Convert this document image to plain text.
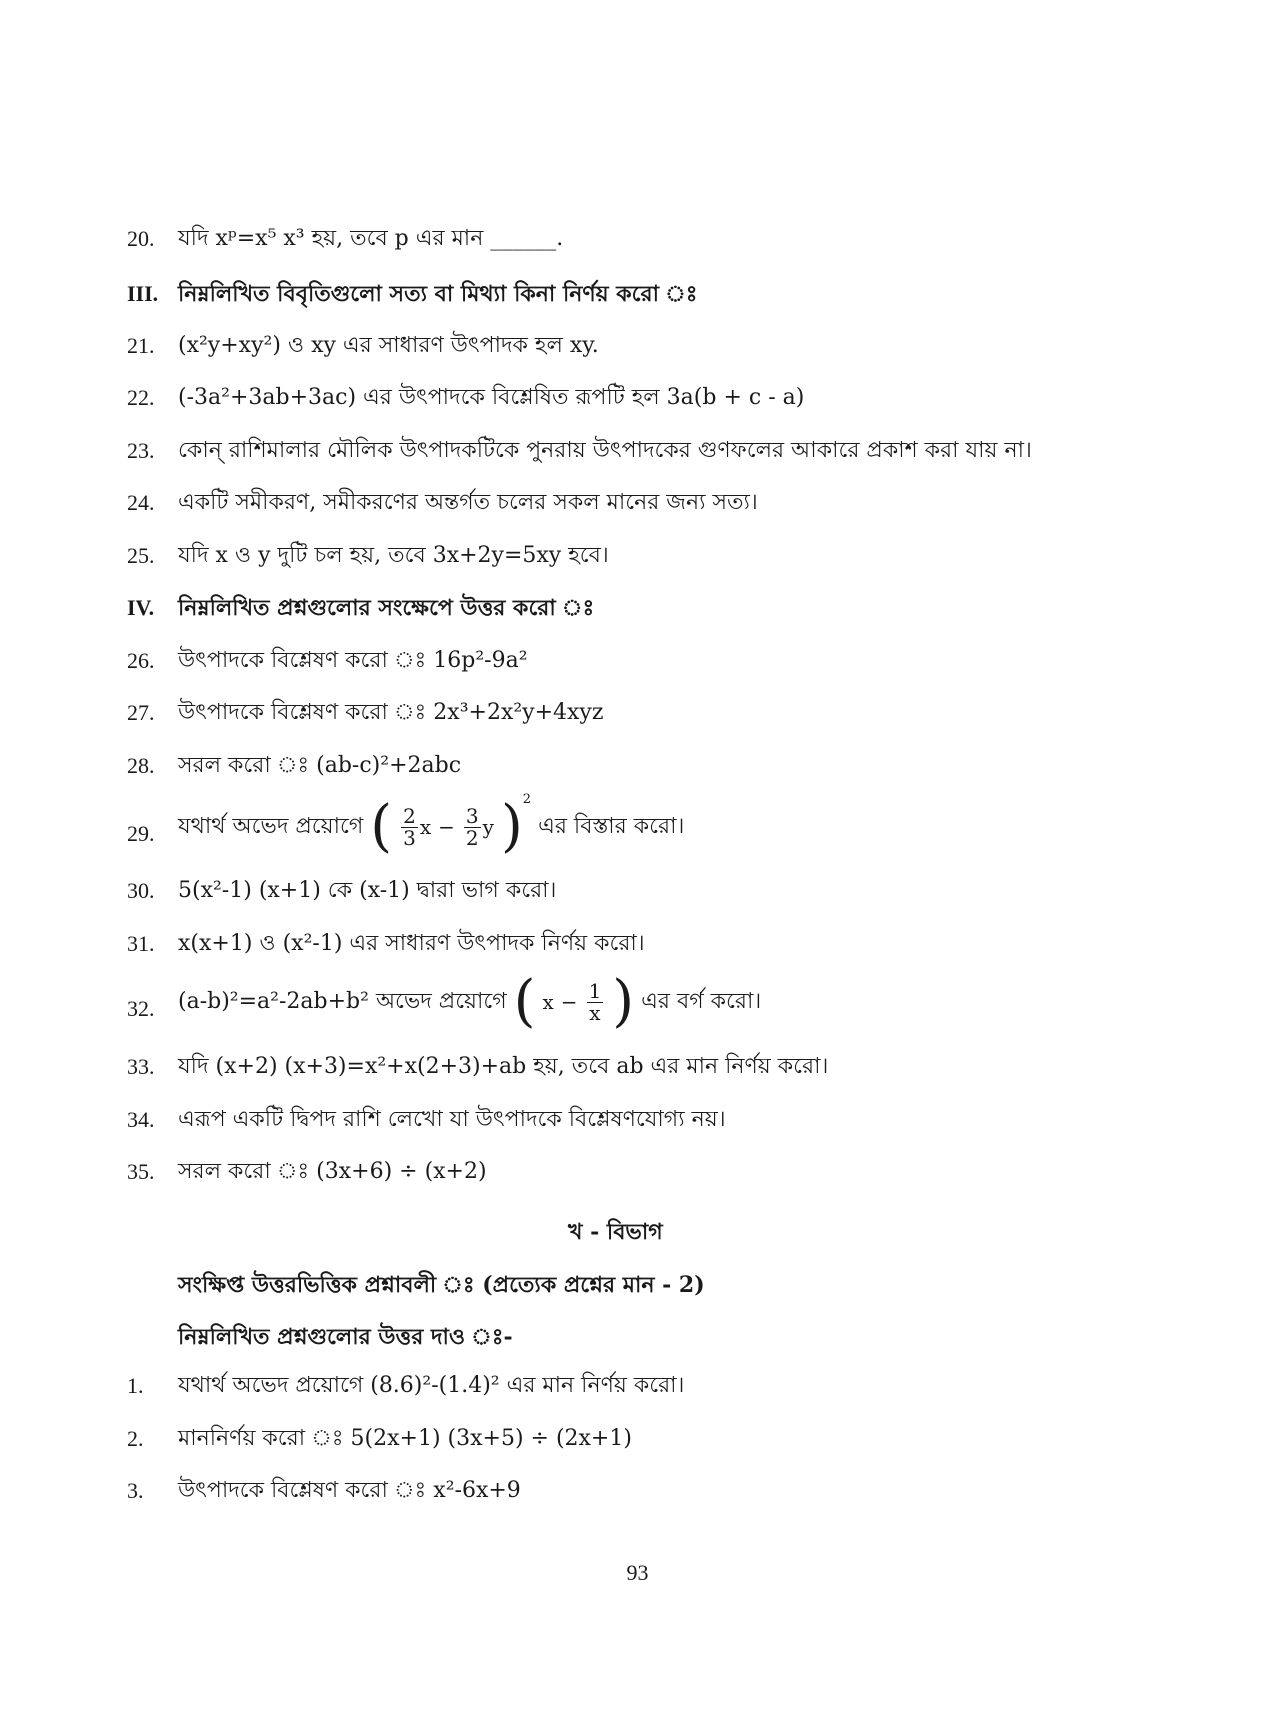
20. যদি xᵖ=x⁵ x³ হয়, তবে p এর মান ______.
III. নিম্নলিখিত বিবৃতিগুলো সত্য বা মিথ্যা কিনা নির্ণয় করো ঃ
21. (x²y+xy²) ও xy এর সাধারণ উৎপাদক হল xy.
22. (-3a²+3ab+3ac) এর উৎপাদকে বিশ্লেষিত রূপটি হল 3a(b + c - a)
23. কোন্ রাশিমালার মৌলিক উৎপাদকটিকে পুনরায় উৎপাদকের গুণফলের আকারে প্রকাশ করা যায় না।
24. একটি সমীকরণ, সমীকরণের অন্তর্গত চলের সকল মানের জন্য সত্য।
25. যদি x ও y দুটি চল হয়, তবে 3x+2y=5xy হবে।
IV. নিম্নলিখিত প্রশ্নগুলোর সংক্ষেপে উত্তর করো ঃ
26. উৎপাদকে বিশ্লেষণ করো ঃ 16p²-9a²
27. উৎপাদকে বিশ্লেষণ করো ঃ 2x³+2x²y+4xyz
28. সরল করো ঃ (ab-c)²+2abc
29. যথার্থ অভেদ প্রয়োগে ( $\frac{2}{3}$ $x - \frac{3}{2}$ y )$^2$ এর বিস্তার করো।
30. 5(x²-1) (x+1) কে (x-1) দ্বারা ভাগ করো।
31. x(x+1) ও (x²-1) এর সাধারণ উৎপাদক নির্ণয় করো।
32. (a-b)²=a²-2ab+b² অভেদ প্রয়োগে ( $x - \frac{1}{x}$ ) এর বর্গ করো।
33. যদি (x+2) (x+3)=x²+x(2+3)+ab হয়, তবে ab এর মান নির্ণয় করো।
34. এরূপ একটি দ্বিপদ রাশি লেখো যা উৎপাদকে বিশ্লেষণযোগ্য নয়।
35. সরল করো ঃ (3x+6) ÷ (x+2)
খ - বিভাগ
সংক্ষিপ্ত উত্তরভিত্তিক প্রশ্নাবলী ঃ (প্রত্যেক প্রশ্নের মান - 2)
নিম্নলিখিত প্রশ্নগুলোর উত্তর দাও ঃ-
1. যথার্থ অভেদ প্রয়োগে (8.6)²-(1.4)² এর মান নির্ণয় করো।
2. মাননির্ণয় করো ঃ 5(2x+1) (3x+5) ÷ (2x+1)
3. উৎপাদকে বিশ্লেষণ করো ঃ x²-6x+9
93
